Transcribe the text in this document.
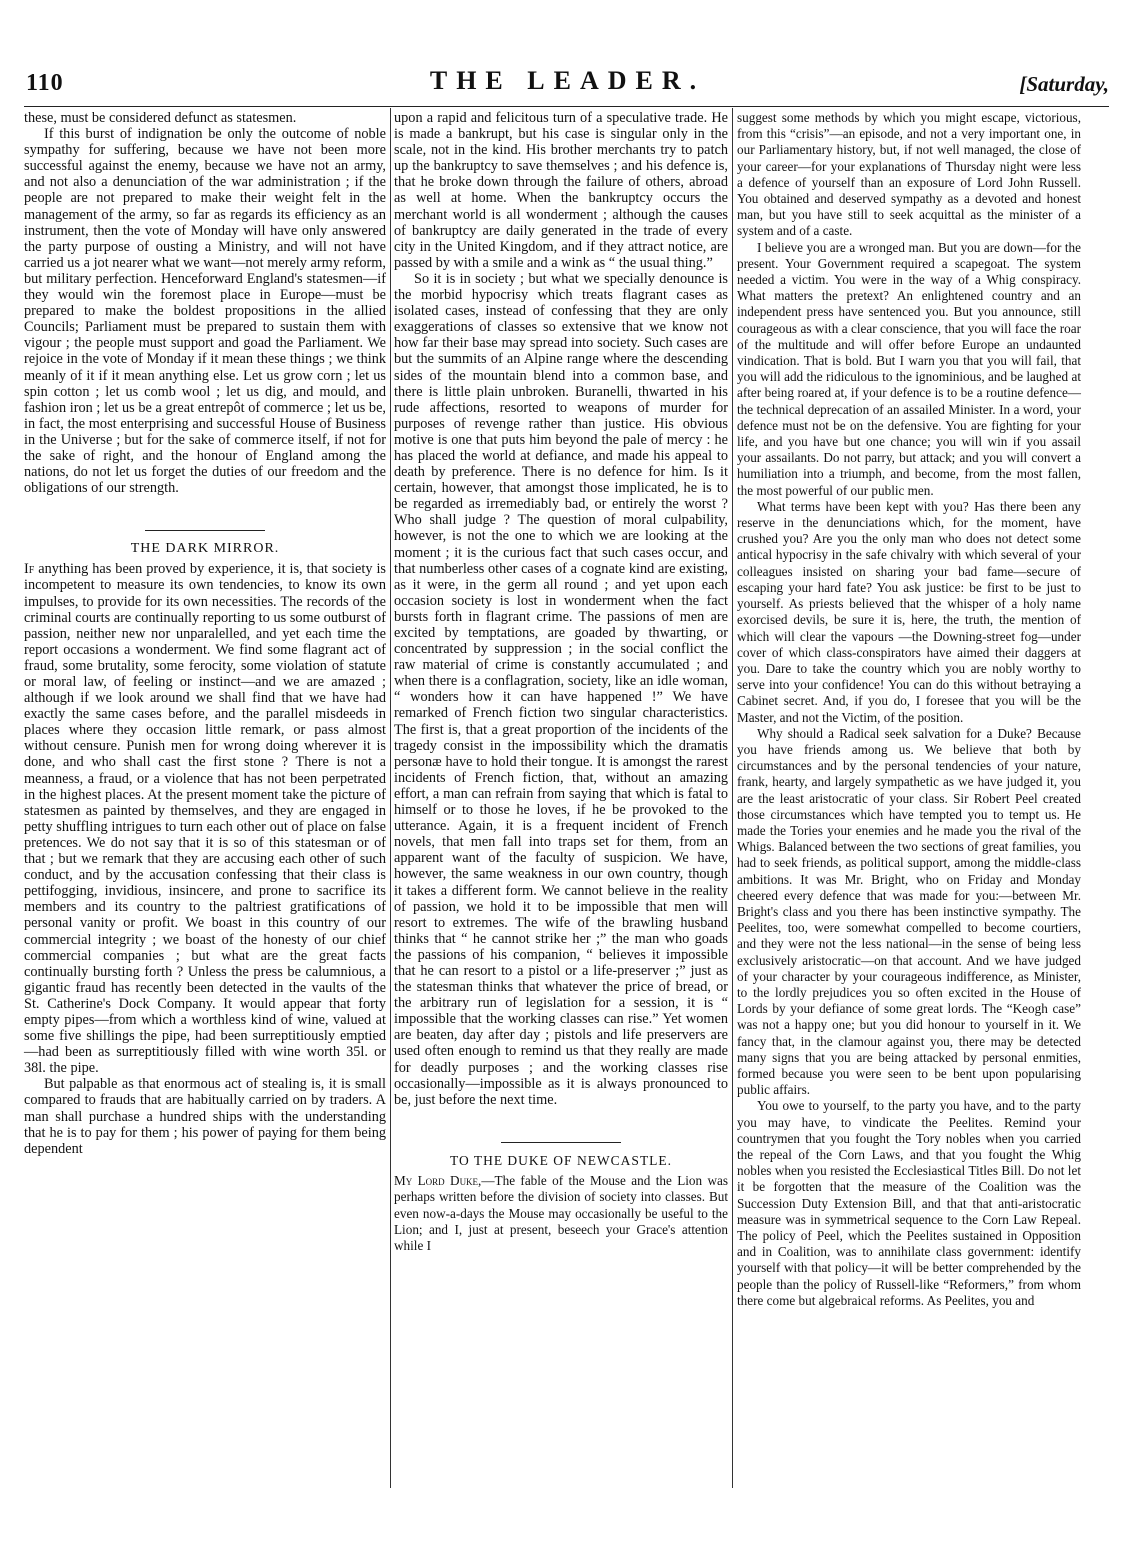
110	THE LEADER.	[Saturday,

these, must be considered defunct as statesmen.

If this burst of indignation be only the outcome of noble sympathy for suffering, because we have not been more successful against the enemy, because we have not an army, and not also a denunciation of the war administration ; if the people are not prepared to make their weight felt in the management of the army, so far as regards its efficiency as an instrument, then the vote of Monday will have only answered the party purpose of ousting a Ministry, and will not have carried us a jot nearer what we want—not merely army reform, but military perfection. Henceforward England's statesmen—if they would win the foremost place in Europe—must be prepared to make the boldest propositions in the allied Councils; Parliament must be prepared to sustain them with vigour ; the people must support and goad the Parliament. We rejoice in the vote of Monday if it mean these things ; we think meanly of it if it mean anything else. Let us grow corn ; let us spin cotton ; let us comb wool ; let us dig, and mould, and fashion iron ; let us be a great entrepôt of commerce ; let us be, in fact, the most enterprising and successful House of Business in the Universe ; but for the sake of commerce itself, if not for the sake of right, and the honour of England among the nations, do not let us forget the duties of our freedom and the obligations of our strength.

THE DARK MIRROR.

If anything has been proved by experience, it is, that society is incompetent to measure its own tendencies, to know its own impulses, to provide for its own necessities. The records of the criminal courts are continually reporting to us some outburst of passion, neither new nor unparalelled, and yet each time the report occasions a wonderment. We find some flagrant act of fraud, some brutality, some ferocity, some violation of statute or moral law, of feeling or instinct—and we are amazed ; although if we look around we shall find that we have had exactly the same cases before, and the parallel misdeeds in places where they occasion little remark, or pass almost without censure. Punish men for wrong doing wherever it is done, and who shall cast the first stone ? There is not a meanness, a fraud, or a violence that has not been perpetrated in the highest places. At the present moment take the picture of statesmen as painted by themselves, and they are engaged in petty shuffling intrigues to turn each other out of place on false pretences. We do not say that it is so of this statesman or of that ; but we remark that they are accusing each other of such conduct, and by the accusation confessing that their class is pettifogging, invidious, insincere, and prone to sacrifice its members and its country to the paltriest gratifications of personal vanity or profit. We boast in this country of our commercial integrity ; we boast of the honesty of our chief commercial companies ; but what are the great facts continually bursting forth ? Unless the press be calumnious, a gigantic fraud has recently been detected in the vaults of the St. Catherine's Dock Company. It would appear that forty empty pipes—from which a worthless kind of wine, valued at some five shillings the pipe, had been surreptitiously emptied—had been as surreptitiously filled with wine worth 35l. or 38l. the pipe.

But palpable as that enormous act of stealing is, it is small compared to frauds that are habitually carried on by traders. A man shall purchase a hundred ships with the understanding that he is to pay for them ; his power of paying for them being dependent

upon a rapid and felicitous turn of a speculative trade. He is made a bankrupt, but his case is singular only in the scale, not in the kind. His brother merchants try to patch up the bankruptcy to save themselves ; and his defence is, that he broke down through the failure of others, abroad as well at home. When the bankruptcy occurs the merchant world is all wonderment ; although the causes of bankruptcy are daily generated in the trade of every city in the United Kingdom, and if they attract notice, are passed by with a smile and a wink as “ the usual thing.”

So it is in society ; but what we specially denounce is the morbid hypocrisy which treats flagrant cases as isolated cases, instead of confessing that they are only exaggerations of classes so extensive that we know not how far their base may spread into society. Such cases are but the summits of an Alpine range where the descending sides of the mountain blend into a common base, and there is little plain unbroken. Buranelli, thwarted in his rude affections, resorted to weapons of murder for purposes of revenge rather than justice. His obvious motive is one that puts him beyond the pale of mercy : he has placed the world at defiance, and made his appeal to death by preference. There is no defence for him. Is it certain, however, that amongst those implicated, he is to be regarded as irremediably bad, or entirely the worst ? Who shall judge ? The question of moral culpability, however, is not the one to which we are looking at the moment ; it is the curious fact that such cases occur, and that numberless other cases of a cognate kind are existing, as it were, in the germ all round ; and yet upon each occasion society is lost in wonderment when the fact bursts forth in flagrant crime. The passions of men are excited by temptations, are goaded by thwarting, or concentrated by suppression ; in the social conflict the raw material of crime is constantly accumulated ; and when there is a conflagration, society, like an idle woman, “ wonders how it can have happened !” We have remarked of French fiction two singular characteristics. The first is, that a great proportion of the incidents of the tragedy consist in the impossibility which the dramatis personæ have to hold their tongue. It is amongst the rarest incidents of French fiction, that, without an amazing effort, a man can refrain from saying that which is fatal to himself or to those he loves, if he be provoked to the utterance. Again, it is a frequent incident of French novels, that men fall into traps set for them, from an apparent want of the faculty of suspicion. We have, however, the same weakness in our own country, though it takes a different form. We cannot believe in the reality of passion, we hold it to be impossible that men will resort to extremes. The wife of the brawling husband thinks that “ he cannot strike her ;” the man who goads the passions of his companion, “ believes it impossible that he can resort to a pistol or a life-preserver ;” just as the statesman thinks that whatever the price of bread, or the arbitrary run of legislation for a session, it is “ impossible that the working classes can rise.” Yet women are beaten, day after day ; pistols and life preservers are used often enough to remind us that they really are made for deadly purposes ; and the working classes rise occasionally—impossible as it is always pronounced to be, just before the next time.

TO THE DUKE OF NEWCASTLE.

My Lord Duke,—The fable of the Mouse and the Lion was perhaps written before the division of society into classes. But even now-a-days the Mouse may occasionally be useful to the Lion; and I, just at present, beseech your Grace's attention while I

suggest some methods by which you might escape, victorious, from this “crisis”—an episode, and not a very important one, in our Parliamentary history, but, if not well managed, the close of your career—for your explanations of Thursday night were less a defence of yourself than an exposure of Lord John Russell. You obtained and deserved sympathy as a devoted and honest man, but you have still to seek acquittal as the minister of a system and of a caste.

I believe you are a wronged man. But you are down—for the present. Your Government required a scapegoat. The system needed a victim. You were in the way of a Whig conspiracy. What matters the pretext? An enlightened country and an independent press have sentenced you. But you announce, still courageous as with a clear conscience, that you will face the roar of the multitude and will offer before Europe an undaunted vindication. That is bold. But I warn you that you will fail, that you will add the ridiculous to the ignominious, and be laughed at after being roared at, if your defence is to be a routine defence—the technical deprecation of an assailed Minister. In a word, your defence must not be on the defensive. You are fighting for your life, and you have but one chance; you will win if you assail your assailants. Do not parry, but attack; and you will convert a humiliation into a triumph, and become, from the most fallen, the most powerful of our public men.

What terms have been kept with you? Has there been any reserve in the denunciations which, for the moment, have crushed you? Are you the only man who does not detect some antical hypocrisy in the safe chivalry with which several of your colleagues insisted on sharing your bad fame—secure of escaping your hard fate? You ask justice: be first to be just to yourself. As priests believed that the whisper of a holy name exorcised devils, be sure it is, here, the truth, the mention of which will clear the vapours —the Downing-street fog—under cover of which class-conspirators have aimed their daggers at you. Dare to take the country which you are nobly worthy to serve into your confidence! You can do this without betraying a Cabinet secret. And, if you do, I foresee that you will be the Master, and not the Victim, of the position.

Why should a Radical seek salvation for a Duke? Because you have friends among us. We believe that both by circumstances and by the personal tendencies of your nature, frank, hearty, and largely sympathetic as we have judged it, you are the least aristocratic of your class. Sir Robert Peel created those circumstances which have tempted you to tempt us. He made the Tories your enemies and he made you the rival of the Whigs. Balanced between the two sections of great families, you had to seek friends, as political support, among the middle-class ambitions. It was Mr. Bright, who on Friday and Monday cheered every defence that was made for you:—between Mr. Bright's class and you there has been instinctive sympathy. The Peelites, too, were somewhat compelled to become courtiers, and they were not the less national—in the sense of being less exclusively aristocratic—on that account. And we have judged of your character by your courageous indifference, as Minister, to the lordly prejudices you so often excited in the House of Lords by your defiance of some great lords. The “Keogh case” was not a happy one; but you did honour to yourself in it. We fancy that, in the clamour against you, there may be detected many signs that you are being attacked by personal enmities, formed because you were seen to be bent upon popularising public affairs.

You owe to yourself, to the party you have, and to the party you may have, to vindicate the Peelites. Remind your countrymen that you fought the Tory nobles when you carried the repeal of the Corn Laws, and that you fought the Whig nobles when you resisted the Ecclesiastical Titles Bill. Do not let it be forgotten that the measure of the Coalition was the Succession Duty Extension Bill, and that that anti-aristocratic measure was in symmetrical sequence to the Corn Law Repeal. The policy of Peel, which the Peelites sustained in Opposition and in Coalition, was to annihilate class government: identify yourself with that policy—it will be better comprehended by the people than the policy of Russell-like “Reformers,” from whom there come but algebraical reforms. As Peelites, you and
